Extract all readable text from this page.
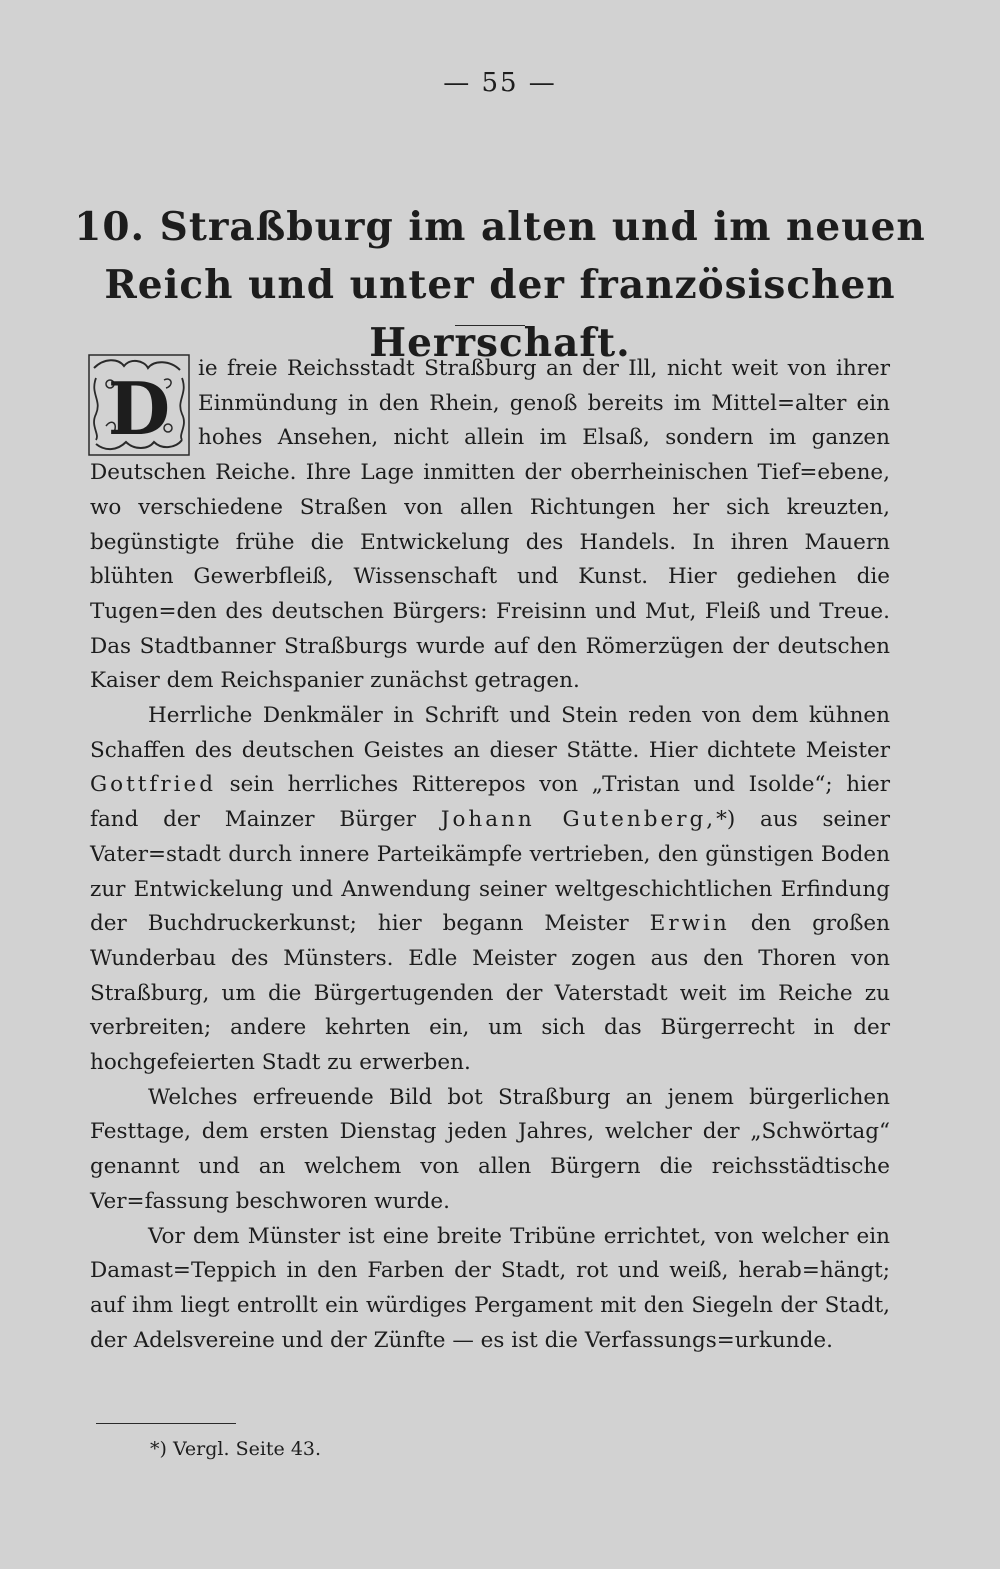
— 55 —
10. Straßburg im alten und im neuen Reich und unter der französischen Herrschaft.

D ie freie Reichsstadt Straßburg an der Ill, nicht weit von ihrer Einmündung in den Rhein, genoß bereits im Mittel=alter ein hohes Ansehen, nicht allein im Elsaß, sondern im ganzen Deutschen Reiche. Ihre Lage inmitten der oberrheinischen Tief=ebene, wo verschiedene Straßen von allen Richtungen her sich kreuzten, begünstigte frühe die Entwickelung des Handels. In ihren Mauern blühten Gewerbfleiß, Wissenschaft und Kunst. Hier gediehen die Tugen=den des deutschen Bürgers: Freisinn und Mut, Fleiß und Treue. Das Stadtbanner Straßburgs wurde auf den Römerzügen der deutschen Kaiser dem Reichspanier zunächst getragen.

Herrliche Denkmäler in Schrift und Stein reden von dem kühnen Schaffen des deutschen Geistes an dieser Stätte. Hier dichtete Meister Gottfried sein herrliches Ritterepos von „Tristan und Isolde“; hier fand der Mainzer Bürger Johann Gutenberg,*) aus seiner Vater=stadt durch innere Parteikämpfe vertrieben, den günstigen Boden zur Entwickelung und Anwendung seiner weltgeschichtlichen Erfindung der Buchdruckerkunst; hier begann Meister Erwin den großen Wunderbau des Münsters. Edle Meister zogen aus den Thoren von Straßburg, um die Bürgertugenden der Vaterstadt weit im Reiche zu verbreiten; andere kehrten ein, um sich das Bürgerrecht in der hochgefeierten Stadt zu erwerben.

Welches erfreuende Bild bot Straßburg an jenem bürgerlichen Festtage, dem ersten Dienstag jeden Jahres, welcher der „Schwörtag“ genannt und an welchem von allen Bürgern die reichsstädtische Ver=fassung beschworen wurde.

Vor dem Münster ist eine breite Tribüne errichtet, von welcher ein Damast=Teppich in den Farben der Stadt, rot und weiß, herab=hängt; auf ihm liegt entrollt ein würdiges Pergament mit den Siegeln der Stadt, der Adelsvereine und der Zünfte — es ist die Verfassungs=urkunde.

*) Vergl. Seite 43.
